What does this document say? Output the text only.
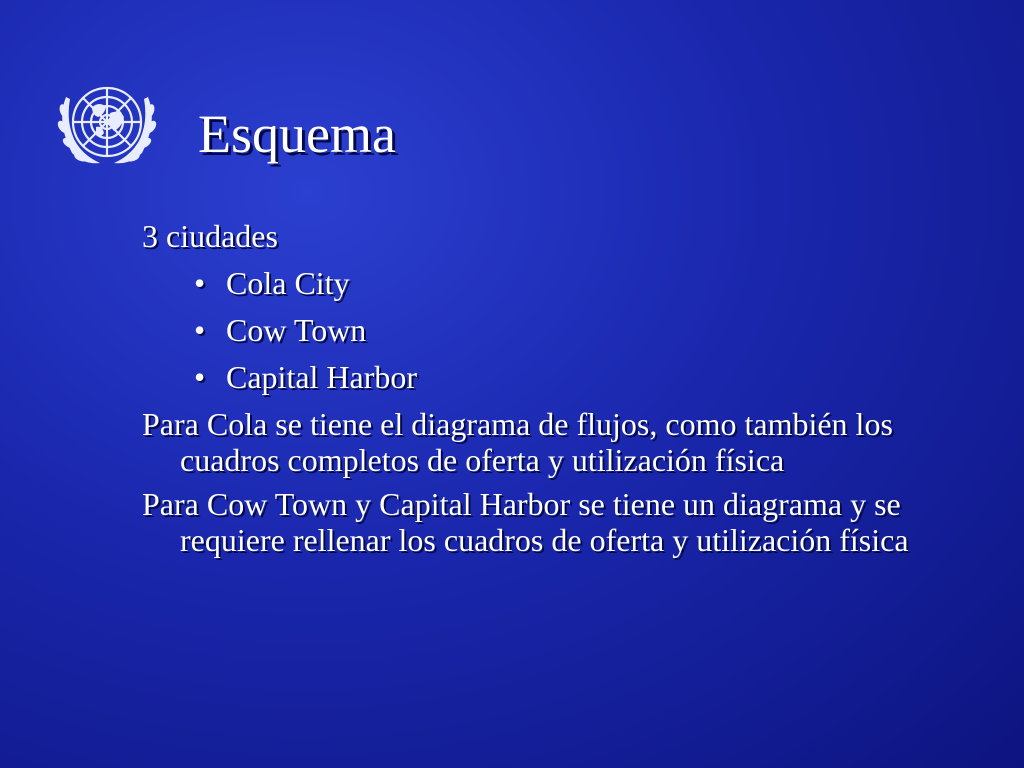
Esquema
3 ciudades
• Cola City
• Cow Town
• Capital Harbor
Para Cola se tiene el diagrama de flujos, como también los cuadros completos de oferta y utilización física
Para Cow Town y Capital Harbor se tiene un diagrama y se requiere rellenar los cuadros de oferta y utilización física
